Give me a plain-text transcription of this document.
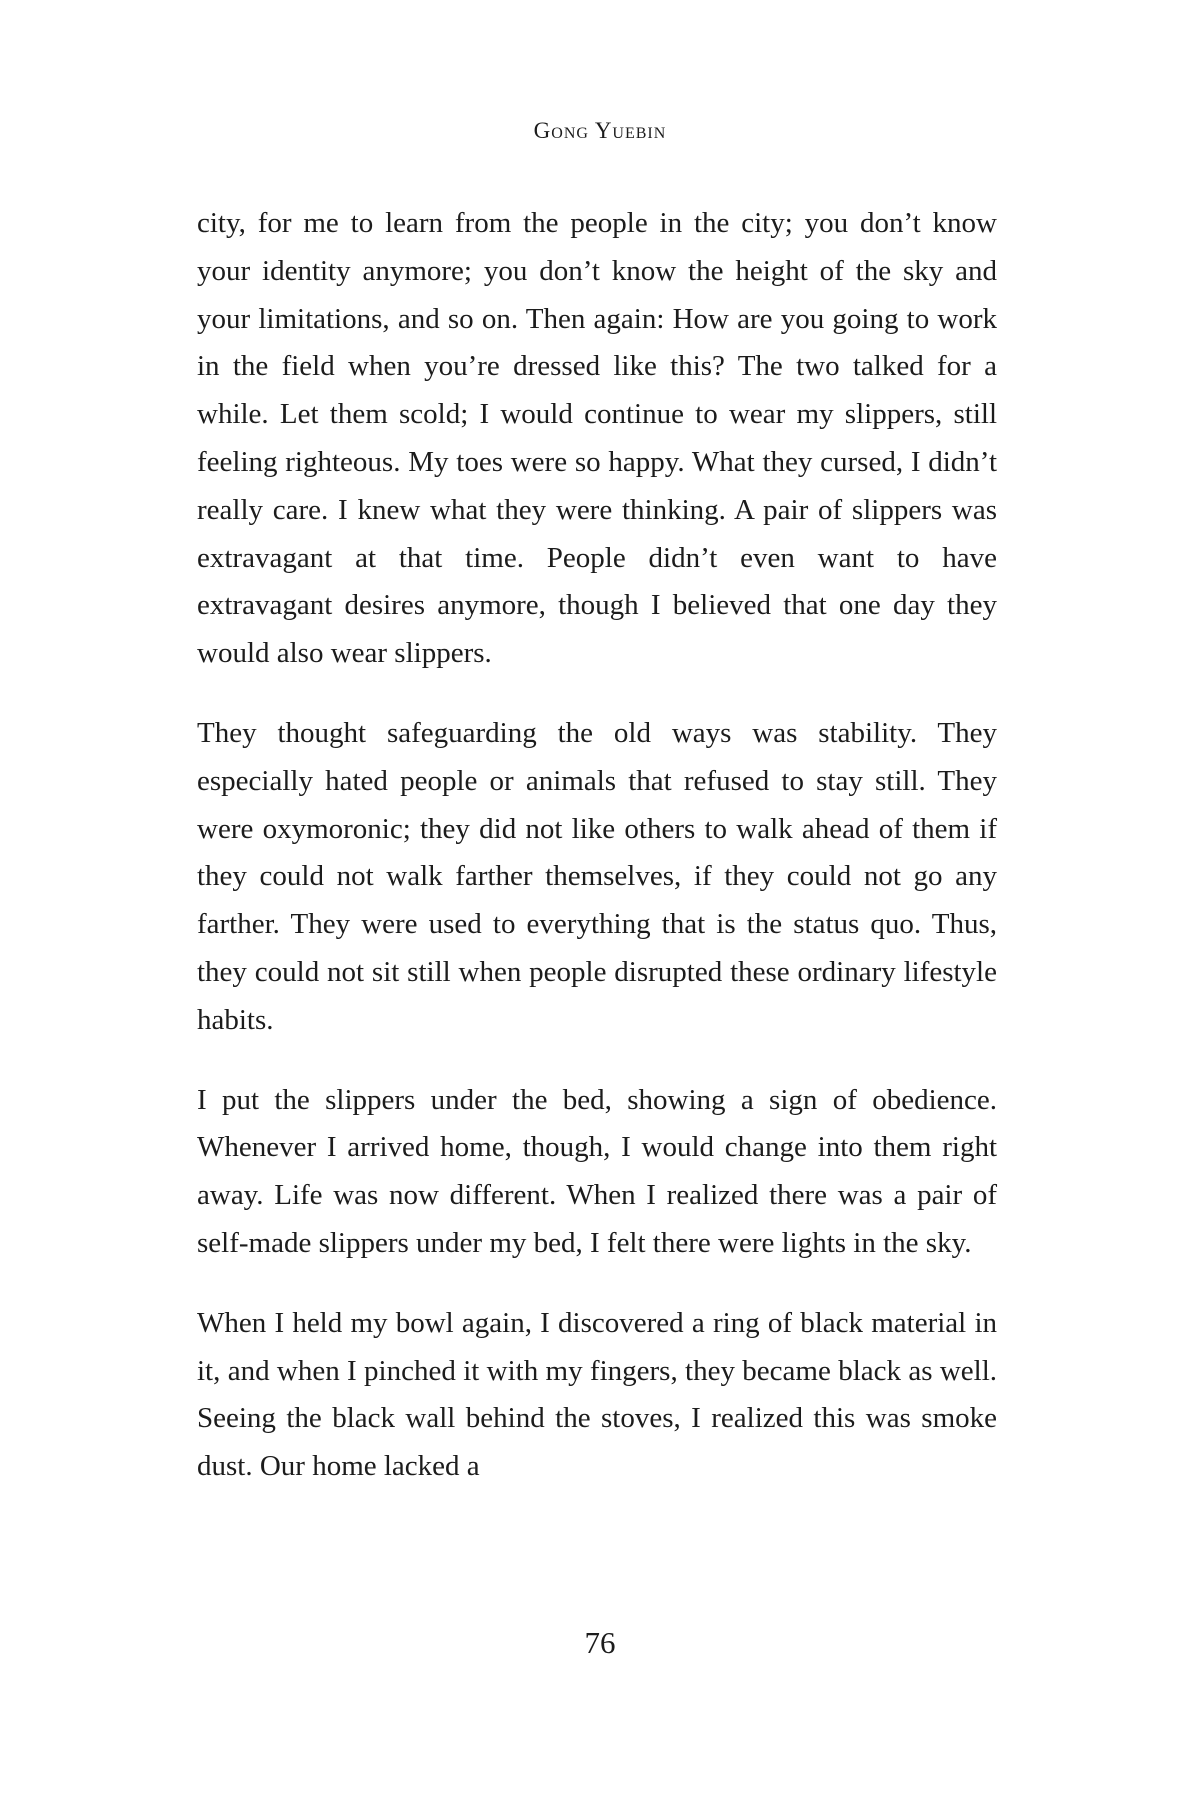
Gong Yuebin

city, for me to learn from the people in the city; you don’t know your identity anymore; you don’t know the height of the sky and your limitations, and so on. Then again: How are you going to work in the field when you’re dressed like this? The two talked for a while. Let them scold; I would continue to wear my slippers, still feeling righteous. My toes were so happy. What they cursed, I didn’t really care. I knew what they were thinking. A pair of slippers was extravagant at that time. People didn’t even want to have extravagant desires anymore, though I believed that one day they would also wear slippers.

They thought safeguarding the old ways was stability. They especially hated people or animals that refused to stay still. They were oxymoronic; they did not like others to walk ahead of them if they could not walk farther themselves, if they could not go any farther. They were used to everything that is the status quo. Thus, they could not sit still when people disrupted these ordinary lifestyle habits.

I put the slippers under the bed, showing a sign of obedience. Whenever I arrived home, though, I would change into them right away. Life was now different. When I realized there was a pair of self-made slippers under my bed, I felt there were lights in the sky.

When I held my bowl again, I discovered a ring of black material in it, and when I pinched it with my fingers, they became black as well. Seeing the black wall behind the stoves, I realized this was smoke dust. Our home lacked a

76
